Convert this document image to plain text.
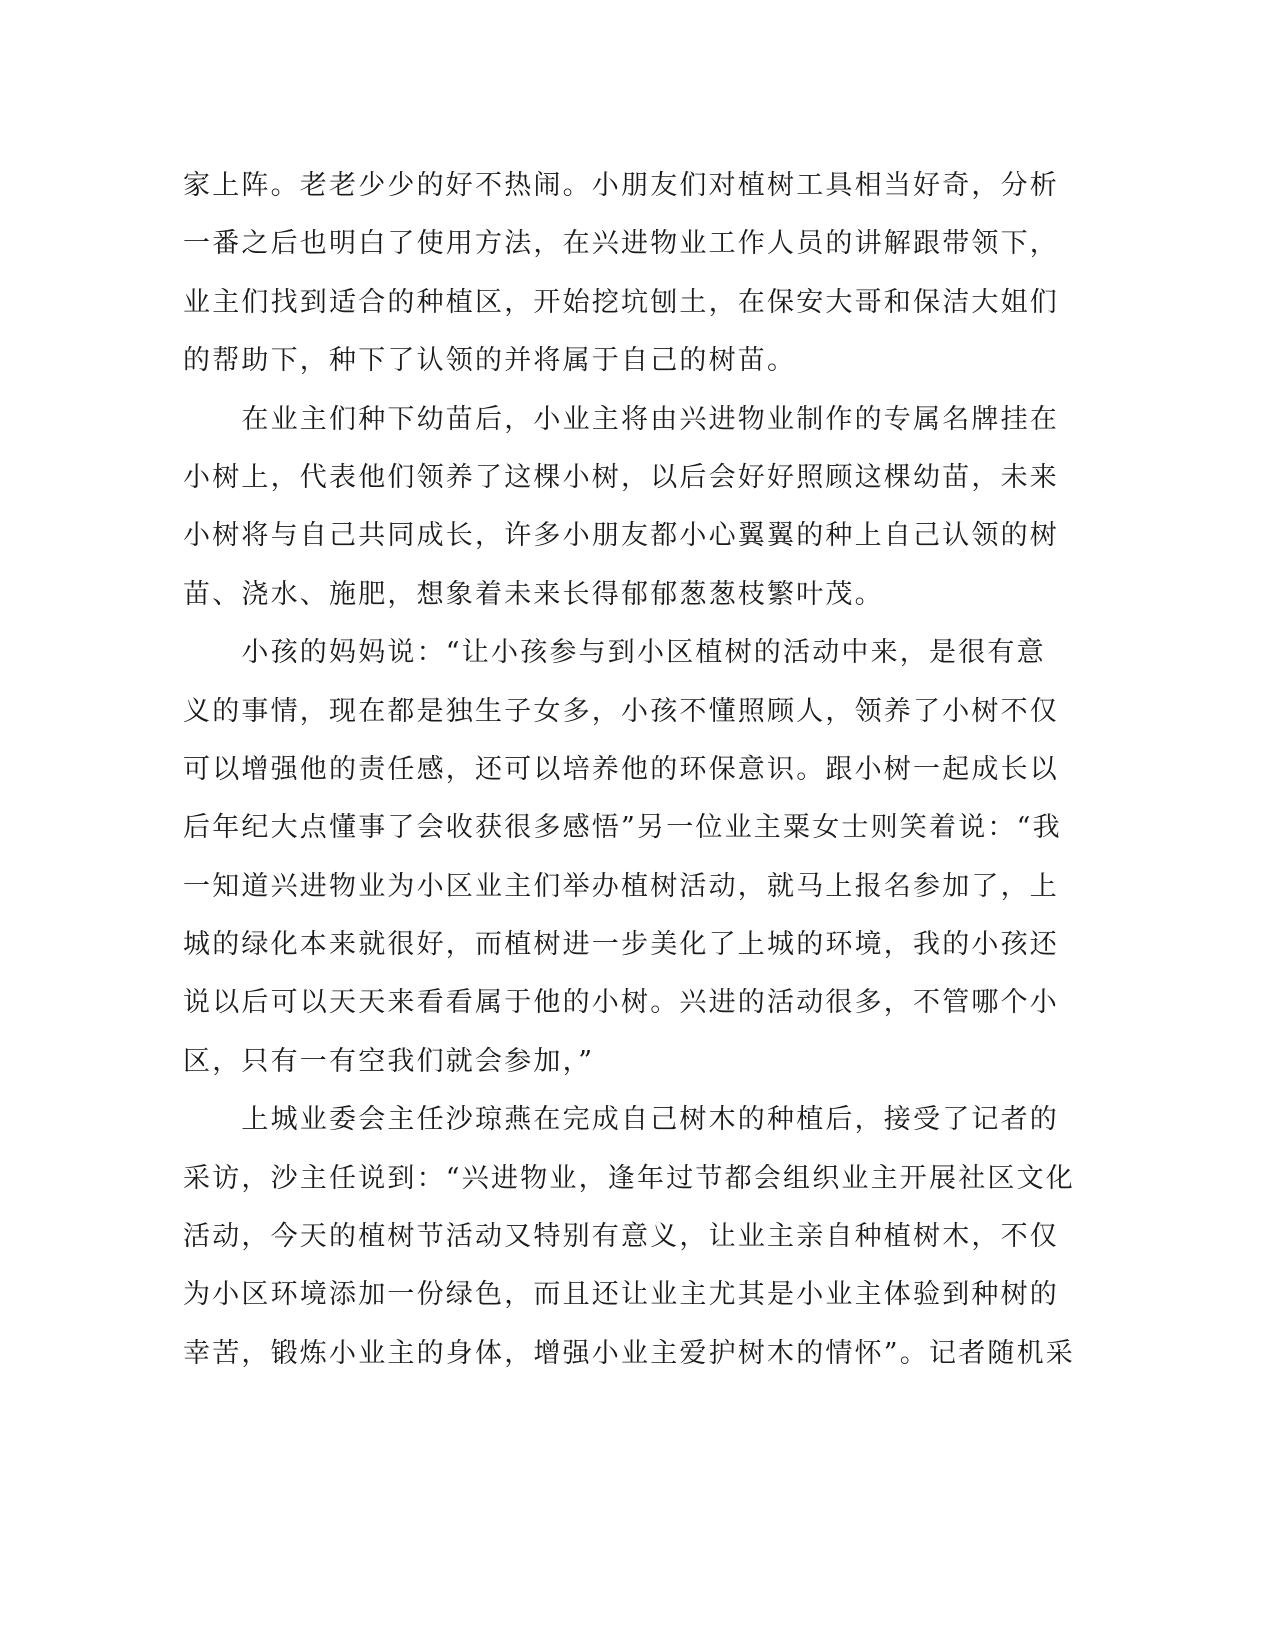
家上阵。老老少少的好不热闹。小朋友们对植树工具相当好奇，分析
一番之后也明白了使用方法，在兴进物业工作人员的讲解跟带领下，
业主们找到适合的种植区，开始挖坑刨土，在保安大哥和保洁大姐们
的帮助下，种下了认领的并将属于自己的树苗。
　　在业主们种下幼苗后，小业主将由兴进物业制作的专属名牌挂在
小树上，代表他们领养了这棵小树，以后会好好照顾这棵幼苗，未来
小树将与自己共同成长，许多小朋友都小心翼翼的种上自己认领的树
苗、浇水、施肥，想象着未来长得郁郁葱葱枝繁叶茂。
　　小孩的妈妈说：“让小孩参与到小区植树的活动中来，是很有意
义的事情，现在都是独生子女多，小孩不懂照顾人，领养了小树不仅
可以增强他的责任感，还可以培养他的环保意识。跟小树一起成长以
后年纪大点懂事了会收获很多感悟”另一位业主粟女士则笑着说：“我
一知道兴进物业为小区业主们举办植树活动，就马上报名参加了，上
城的绿化本来就很好，而植树进一步美化了上城的环境，我的小孩还
说以后可以天天来看看属于他的小树。兴进的活动很多，不管哪个小
区，只有一有空我们就会参加，”
　　上城业委会主任沙琼燕在完成自己树木的种植后，接受了记者的
采访，沙主任说到：“兴进物业，逢年过节都会组织业主开展社区文化
活动，今天的植树节活动又特别有意义，让业主亲自种植树木，不仅
为小区环境添加一份绿色，而且还让业主尤其是小业主体验到种树的
幸苦，锻炼小业主的身体，增强小业主爱护树木的情怀”。记者随机采
